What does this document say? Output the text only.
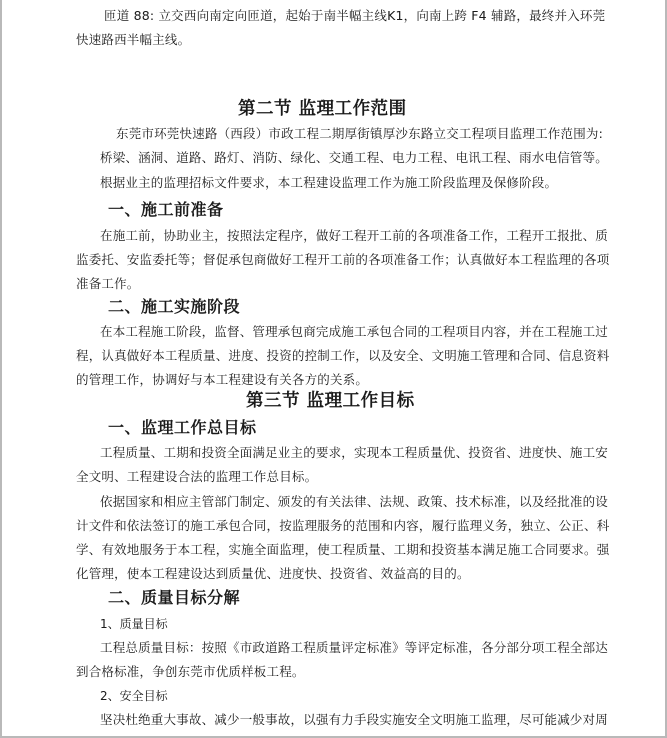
匝道 88: 立交西向南定向匝道，起始于南半幅主线K1，向南上跨 F4 辅路，最终并入环莞
快速路西半幅主线。
第二节 监理工作范围
东莞市环莞快速路（西段）市政工程二期厚街镇厚沙东路立交工程项目监理工作范围为:
桥梁、涵洞、道路、路灯、消防、绿化、交通工程、电力工程、电讯工程、雨水电信管等。
根据业主的监理招标文件要求，本工程建设监理工作为施工阶段监理及保修阶段。
一、施工前准备
在施工前，协助业主，按照法定程序，做好工程开工前的各项准备工作，工程开工报批、质
监委托、安监委托等；督促承包商做好工程开工前的各项准备工作；认真做好本工程监理的各项
准备工作。
二、施工实施阶段
在本工程施工阶段，监督、管理承包商完成施工承包合同的工程项目内容，并在工程施工过
程，认真做好本工程质量、进度、投资的控制工作，以及安全、文明施工管理和合同、信息资料
的管理工作，协调好与本工程建设有关各方的关系。
第三节 监理工作目标
一、监理工作总目标
工程质量、工期和投资全面满足业主的要求，实现本工程质量优、投资省、进度快、施工安
全文明、工程建设合法的监理工作总目标。
依据国家和相应主管部门制定、颁发的有关法律、法规、政策、技术标准，以及经批准的设
计文件和依法签订的施工承包合同，按监理服务的范围和内容，履行监理义务，独立、公正、科
学、有效地服务于本工程，实施全面监理，使工程质量、工期和投资基本满足施工合同要求。强
化管理，使本工程建设达到质量优、进度快、投资省、效益高的目的。
二、质量目标分解
1、质量目标
工程总质量目标：按照《市政道路工程质量评定标准》等评定标准，各分部分项工程全部达
到合格标准，争创东莞市优质样板工程。
2、安全目标
坚决杜绝重大事故、减少一般事故，以强有力手段实施安全文明施工监理，尽可能减少对周
